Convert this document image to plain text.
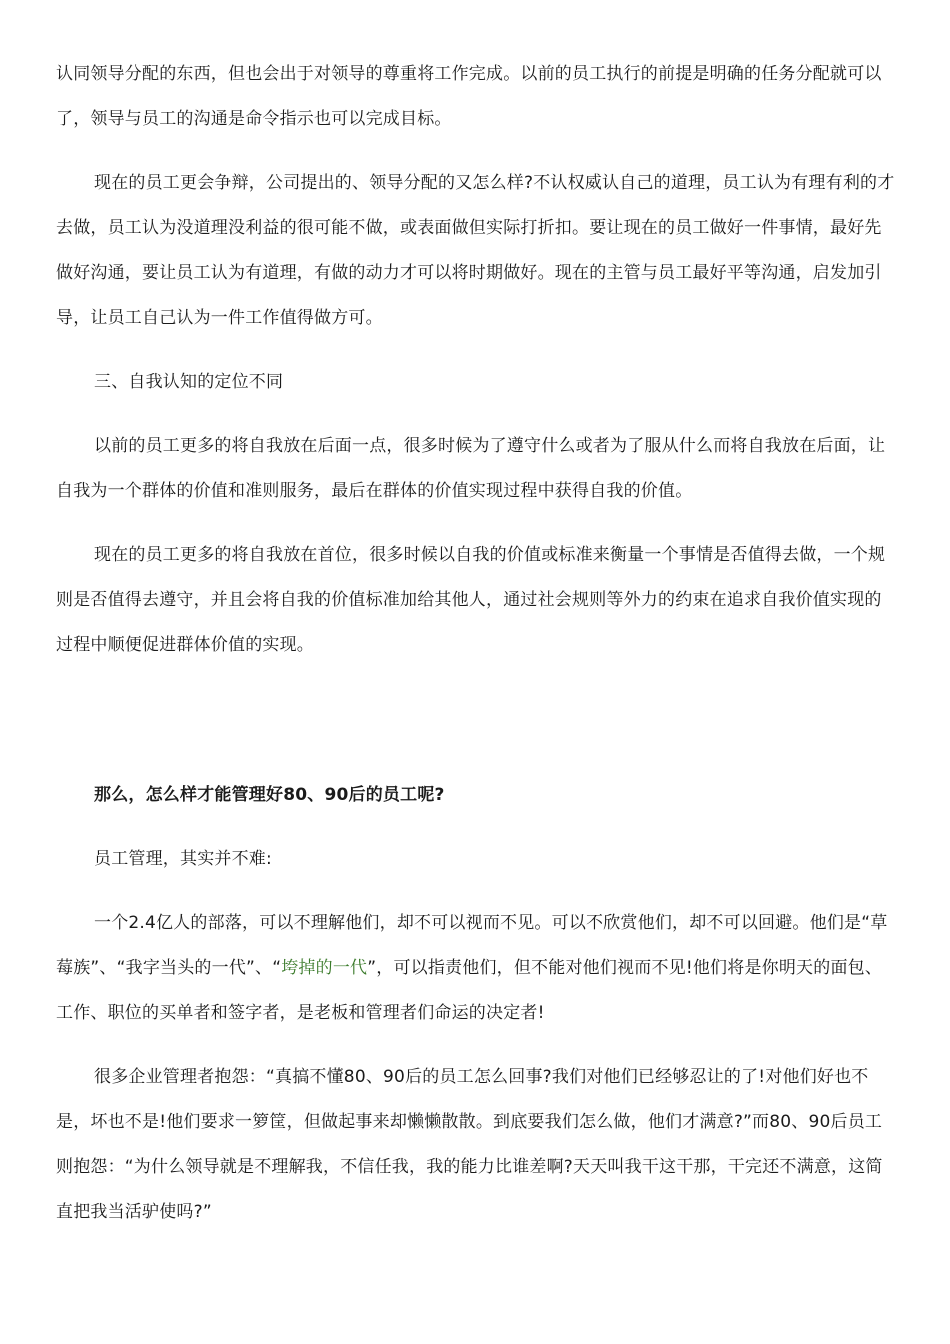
认同领导分配的东西，但也会出于对领导的尊重将工作完成。以前的员工执行的前提是明确的任务分配就可以了，领导与员工的沟通是命令指示也可以完成目标。

现在的员工更会争辩，公司提出的、领导分配的又怎么样?不认权威认自己的道理，员工认为有理有利的才去做，员工认为没道理没利益的很可能不做，或表面做但实际打折扣。要让现在的员工做好一件事情，最好先做好沟通，要让员工认为有道理，有做的动力才可以将时期做好。现在的主管与员工最好平等沟通，启发加引导，让员工自己认为一件工作值得做方可。

三、自我认知的定位不同

以前的员工更多的将自我放在后面一点，很多时候为了遵守什么或者为了服从什么而将自我放在后面，让自我为一个群体的价值和准则服务，最后在群体的价值实现过程中获得自我的价值。

现在的员工更多的将自我放在首位，很多时候以自我的价值或标准来衡量一个事情是否值得去做，一个规则是否值得去遵守，并且会将自我的价值标准加给其他人，通过社会规则等外力的约束在追求自我价值实现的过程中顺便促进群体价值的实现。

那么，怎么样才能管理好80、90后的员工呢?

员工管理，其实并不难:

一个2.4亿人的部落，可以不理解他们，却不可以视而不见。可以不欣赏他们，却不可以回避。他们是“草莓族”、“我字当头的一代”、“垮掉的一代”，可以指责他们，但不能对他们视而不见!他们将是你明天的面包、工作、职位的买单者和签字者，是老板和管理者们命运的决定者!

很多企业管理者抱怨：“真搞不懂80、90后的员工怎么回事?我们对他们已经够忍让的了!对他们好也不是，坏也不是!他们要求一箩筐，但做起事来却懒懒散散。到底要我们怎么做，他们才满意?”而80、90后员工则抱怨：“为什么领导就是不理解我，不信任我，我的能力比谁差啊?天天叫我干这干那，干完还不满意，这简直把我当活驴使吗?”
